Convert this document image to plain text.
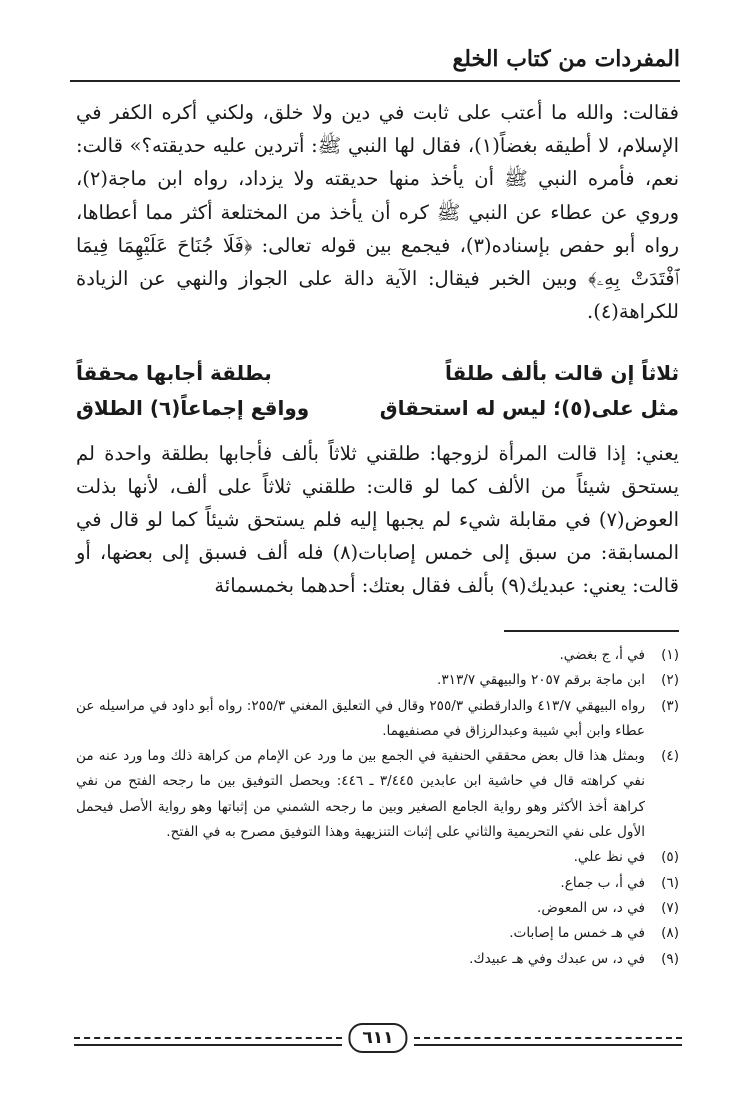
المفردات من كتاب الخلع
فقالت: والله ما أعتب على ثابت في دين ولا خلق، ولكني أكره الكفر في الإسلام، لا أطيقه بغضاً(١)، فقال لها النبي ﷺ: أتردين عليه حديقته؟» قالت: نعم، فأمره النبي ﷺ أن يأخذ منها حديقته ولا يزداد، رواه ابن ماجة(٢)، وروي عن عطاء عن النبي ﷺ كره أن يأخذ من المختلعة أكثر مما أعطاها، رواه أبو حفص بإسناده(٣)، فيجمع بين قوله تعالى: ﴿فَلَا جُنَاحَ عَلَيْهِمَا فِيمَا ٱفْتَدَتْ بِهِۦ﴾ وبين الخبر فيقال: الآية دالة على الجواز والنهي عن الزيادة للكراهة(٤).
ثلاثاً إن قالت بألف طلقاً
بطلقة أجابها محققاً
مثل على(٥)؛ ليس له استحقاق
وواقع إجماعاً(٦) الطلاق
يعني: إذا قالت المرأة لزوجها: طلقني ثلاثاً بألف فأجابها بطلقة واحدة لم يستحق شيئاً من الألف كما لو قالت: طلقني ثلاثاً على ألف، لأنها بذلت العوض(٧) في مقابلة شيء لم يجبها إليه فلم يستحق شيئاً كما لو قال في المسابقة: من سبق إلى خمس إصابات(٨) فله ألف فسبق إلى بعضها، أو قالت: يعني: عبديك(٩) بألف فقال بعتك: أحدهما بخمسمائة
(١)
في أ، ج بغضي.
(٢)
ابن ماجة برقم ٢٠٥٧ والبيهقي ٣١٣/٧.
(٣)
رواه البيهقي ٤١٣/٧ والدارقطني ٢٥٥/٣ وقال في التعليق المغني ٢٥٥/٣: رواه أبو داود في مراسيله عن عطاء وابن أبي شيبة وعبدالرزاق في مصنفيهما.
(٤)
وبمثل هذا قال بعض محققي الحنفية في الجمع بين ما ورد عن الإمام من كراهة ذلك وما ورد عنه من نفي كراهته قال في حاشية ابن عابدين ٣/٤٤٥ ـ ٤٤٦: ويحصل التوفيق بين ما رجحه الفتح من نفي كراهة أخذ الأكثر وهو رواية الجامع الصغير وبين ما رجحه الشمني من إثباتها وهو رواية الأصل فيحمل الأول على نفي التحريمية والثاني على إثبات التنزيهية وهذا التوفيق مصرح به في الفتح.
(٥)
في نظ علي.
(٦)
في أ، ب جماع.
(٧)
في د، س المعوض.
(٨)
في هـ خمس ما إصابات.
(٩)
في د، س عبدك وفي هـ عبيدك.
٦١١
